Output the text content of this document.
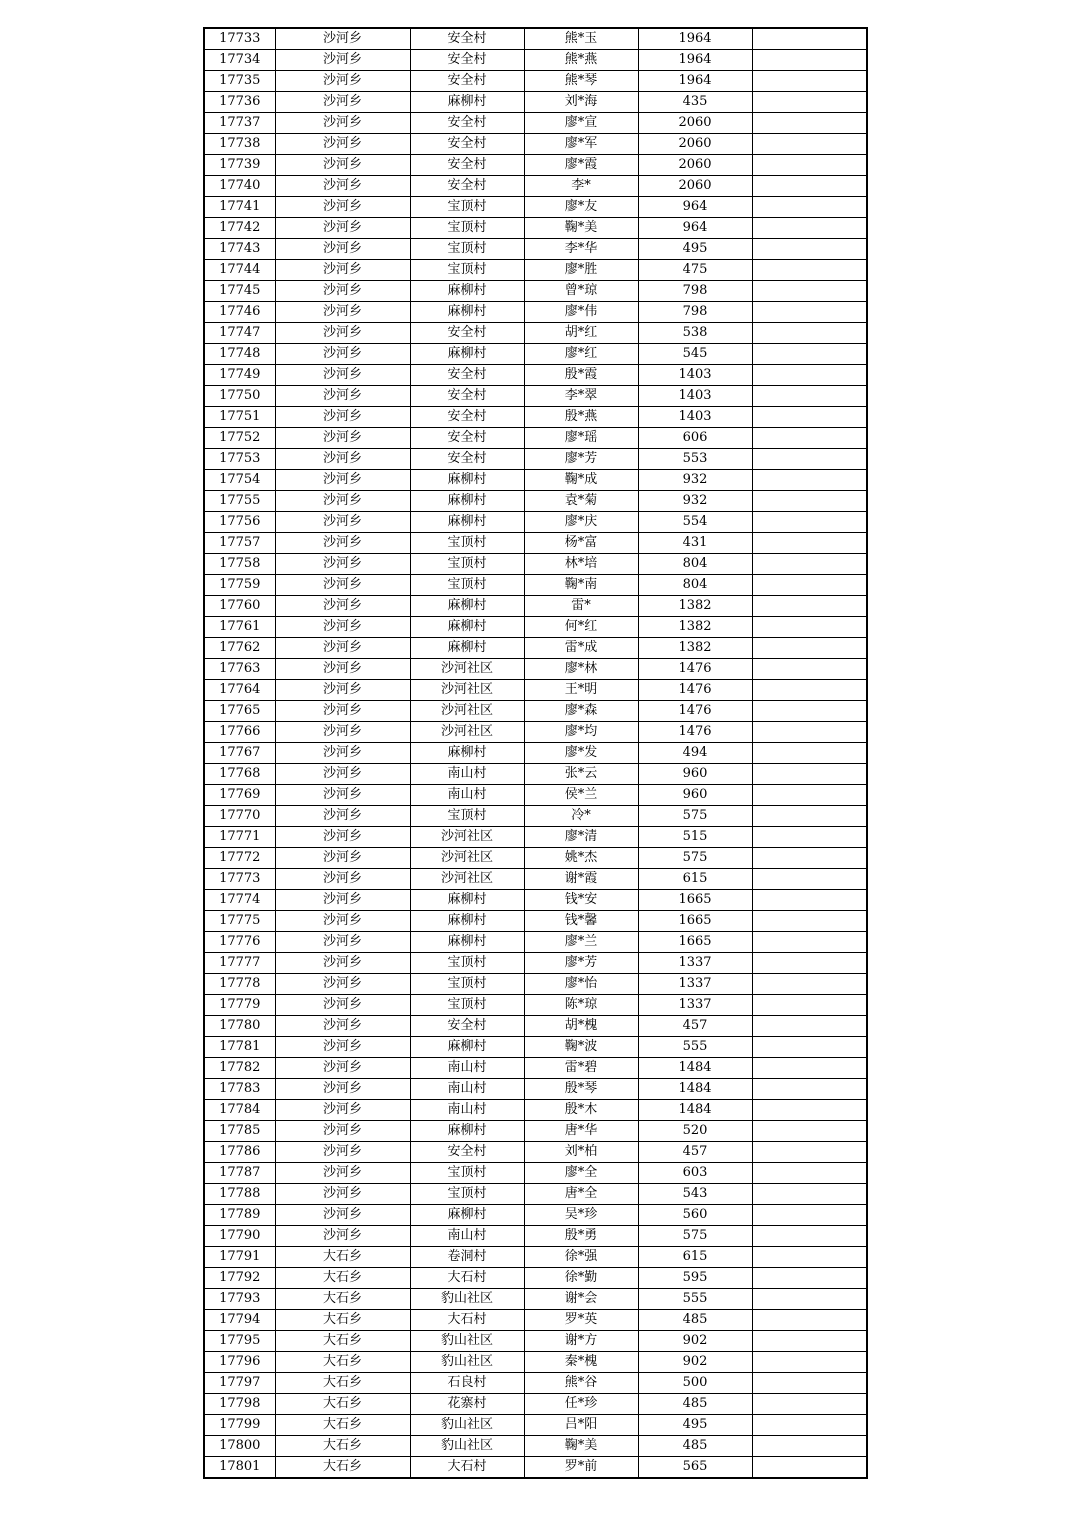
17733	沙河乡	安全村	熊*玉	1964	
17734	沙河乡	安全村	熊*燕	1964	
17735	沙河乡	安全村	熊*琴	1964	
17736	沙河乡	麻柳村	刘*海	435	
17737	沙河乡	安全村	廖*宣	2060	
17738	沙河乡	安全村	廖*军	2060	
17739	沙河乡	安全村	廖*霞	2060	
17740	沙河乡	安全村	李*	2060	
17741	沙河乡	宝顶村	廖*友	964	
17742	沙河乡	宝顶村	鞠*美	964	
17743	沙河乡	宝顶村	李*华	495	
17744	沙河乡	宝顶村	廖*胜	475	
17745	沙河乡	麻柳村	曾*琼	798	
17746	沙河乡	麻柳村	廖*伟	798	
17747	沙河乡	安全村	胡*红	538	
17748	沙河乡	麻柳村	廖*红	545	
17749	沙河乡	安全村	殷*霞	1403	
17750	沙河乡	安全村	李*翠	1403	
17751	沙河乡	安全村	殷*燕	1403	
17752	沙河乡	安全村	廖*瑶	606	
17753	沙河乡	安全村	廖*芳	553	
17754	沙河乡	麻柳村	鞠*成	932	
17755	沙河乡	麻柳村	袁*菊	932	
17756	沙河乡	麻柳村	廖*庆	554	
17757	沙河乡	宝顶村	杨*富	431	
17758	沙河乡	宝顶村	林*培	804	
17759	沙河乡	宝顶村	鞠*南	804	
17760	沙河乡	麻柳村	雷*	1382	
17761	沙河乡	麻柳村	何*红	1382	
17762	沙河乡	麻柳村	雷*成	1382	
17763	沙河乡	沙河社区	廖*林	1476	
17764	沙河乡	沙河社区	王*明	1476	
17765	沙河乡	沙河社区	廖*森	1476	
17766	沙河乡	沙河社区	廖*均	1476	
17767	沙河乡	麻柳村	廖*发	494	
17768	沙河乡	南山村	张*云	960	
17769	沙河乡	南山村	侯*兰	960	
17770	沙河乡	宝顶村	冷*	575	
17771	沙河乡	沙河社区	廖*清	515	
17772	沙河乡	沙河社区	姚*杰	575	
17773	沙河乡	沙河社区	谢*霞	615	
17774	沙河乡	麻柳村	钱*安	1665	
17775	沙河乡	麻柳村	钱*馨	1665	
17776	沙河乡	麻柳村	廖*兰	1665	
17777	沙河乡	宝顶村	廖*芳	1337	
17778	沙河乡	宝顶村	廖*怡	1337	
17779	沙河乡	宝顶村	陈*琼	1337	
17780	沙河乡	安全村	胡*槐	457	
17781	沙河乡	麻柳村	鞠*波	555	
17782	沙河乡	南山村	雷*碧	1484	
17783	沙河乡	南山村	殷*琴	1484	
17784	沙河乡	南山村	殷*木	1484	
17785	沙河乡	麻柳村	唐*华	520	
17786	沙河乡	安全村	刘*柏	457	
17787	沙河乡	宝顶村	廖*全	603	
17788	沙河乡	宝顶村	唐*全	543	
17789	沙河乡	麻柳村	吴*珍	560	
17790	沙河乡	南山村	殷*勇	575	
17791	大石乡	卷洞村	徐*强	615	
17792	大石乡	大石村	徐*勤	595	
17793	大石乡	豹山社区	谢*会	555	
17794	大石乡	大石村	罗*英	485	
17795	大石乡	豹山社区	谢*方	902	
17796	大石乡	豹山社区	秦*槐	902	
17797	大石乡	石良村	熊*谷	500	
17798	大石乡	花寨村	任*珍	485	
17799	大石乡	豹山社区	吕*阳	495	
17800	大石乡	豹山社区	鞠*美	485	
17801	大石乡	大石村	罗*前	565	
